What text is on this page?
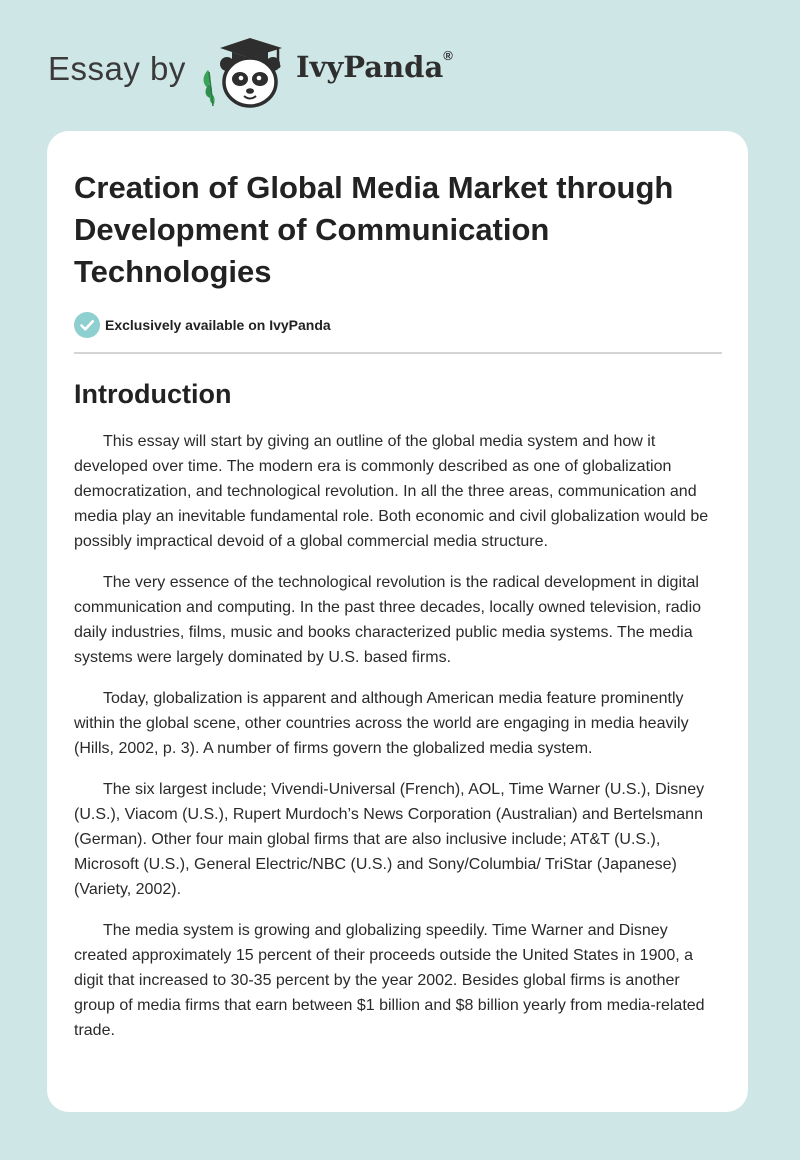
Essay by	IvyPanda®
Creation of Global Media Market through Development of Communication Technologies
Exclusively available on IvyPanda
Introduction

This essay will start by giving an outline of the global media system and how it developed over time. The modern era is commonly described as one of globalization democratization, and technological revolution. In all the three areas, communication and media play an inevitable fundamental role. Both economic and civil globalization would be possibly impractical devoid of a global commercial media structure.

The very essence of the technological revolution is the radical development in digital communication and computing. In the past three decades, locally owned television, radio daily industries, films, music and books characterized public media systems. The media systems were largely dominated by U.S. based firms.

Today, globalization is apparent and although American media feature prominently within the global scene, other countries across the world are engaging in media heavily (Hills, 2002, p. 3). A number of firms govern the globalized media system.

The six largest include; Vivendi-Universal (French), AOL, Time Warner (U.S.), Disney (U.S.), Viacom (U.S.), Rupert Murdoch’s News Corporation (Australian) and Bertelsmann (German). Other four main global firms that are also inclusive include; AT&T (U.S.), Microsoft (U.S.), General Electric/NBC (U.S.) and Sony/Columbia/ TriStar (Japanese) (Variety, 2002).

The media system is growing and globalizing speedily. Time Warner and Disney created approximately 15 percent of their proceeds outside the United States in 1900, a digit that increased to 30-35 percent by the year 2002. Besides global firms is another group of media firms that earn between $1 billion and $8 billion yearly from media-related trade.
